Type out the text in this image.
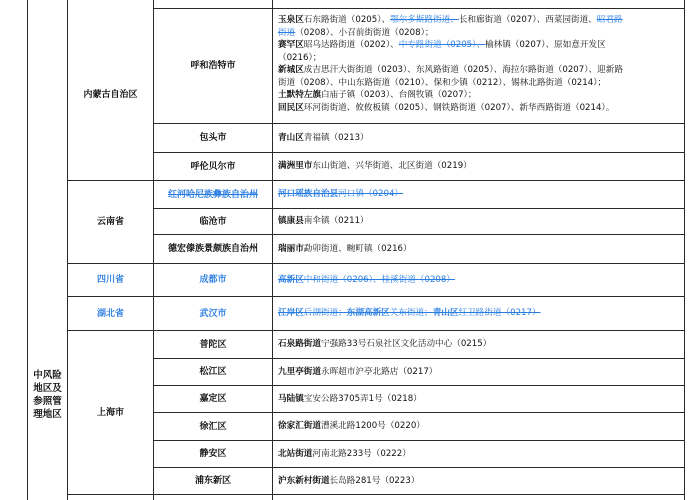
中风险地区及参照管理地区
内蒙古自治区
云南省
四川省
湖北省
上海市
呼和浩特市
包头市
呼伦贝尔市
红河哈尼族彝族自治州
临沧市
德宏傣族景颇族自治州
成都市
武汉市
普陀区
松江区
嘉定区
徐汇区
静安区
浦东新区
玉泉区石东路街道（0205）、鄂尔多斯路街道、长和廊街道（0207）、西菜园街道、昭君路
街道（0208）、小召前街街道（0208）；
赛罕区昭乌达路街道（0202）、中专路街道（0205）、榆林镇（0207）、原如意开发区
（0216）；
新城区成吉思汗大街街道（0203）、东风路街道（0205）、海拉尔路街道（0207）、迎新路
街道（0208）、中山东路街道（0210）、保和少镇（0212）、锡林北路街道（0214）；
土默特左旗白庙子镇（0203）、台阁牧镇（0207）；
回民区环河街街道、攸攸板镇（0205）、钢铁路街道（0207）、新华西路街道（0214）。
青山区青福镇（0213）
满洲里市东山街道、兴华街道、北区街道（0219）
河口瑶族自治县河口镇（0204）
镇康县南伞镇（0211）
瑞丽市勐卯街道、畹町镇（0216）
高新区中和街道（0206）、桂溪街道（0208）
江岸区后湖街道；东湖高新区关东街道；青山区红卫路街道（0217）
石泉路街道宁强路33号石泉社区文化活动中心（0215）
九里亭街道永晖超市沪亭北路店（0217）
马陆镇宝安公路3705弄1号（0218）
徐家汇街道漕溪北路1200号（0220）
北站街道河南北路233号（0222）
沪东新村街道长岛路281号（0223）
